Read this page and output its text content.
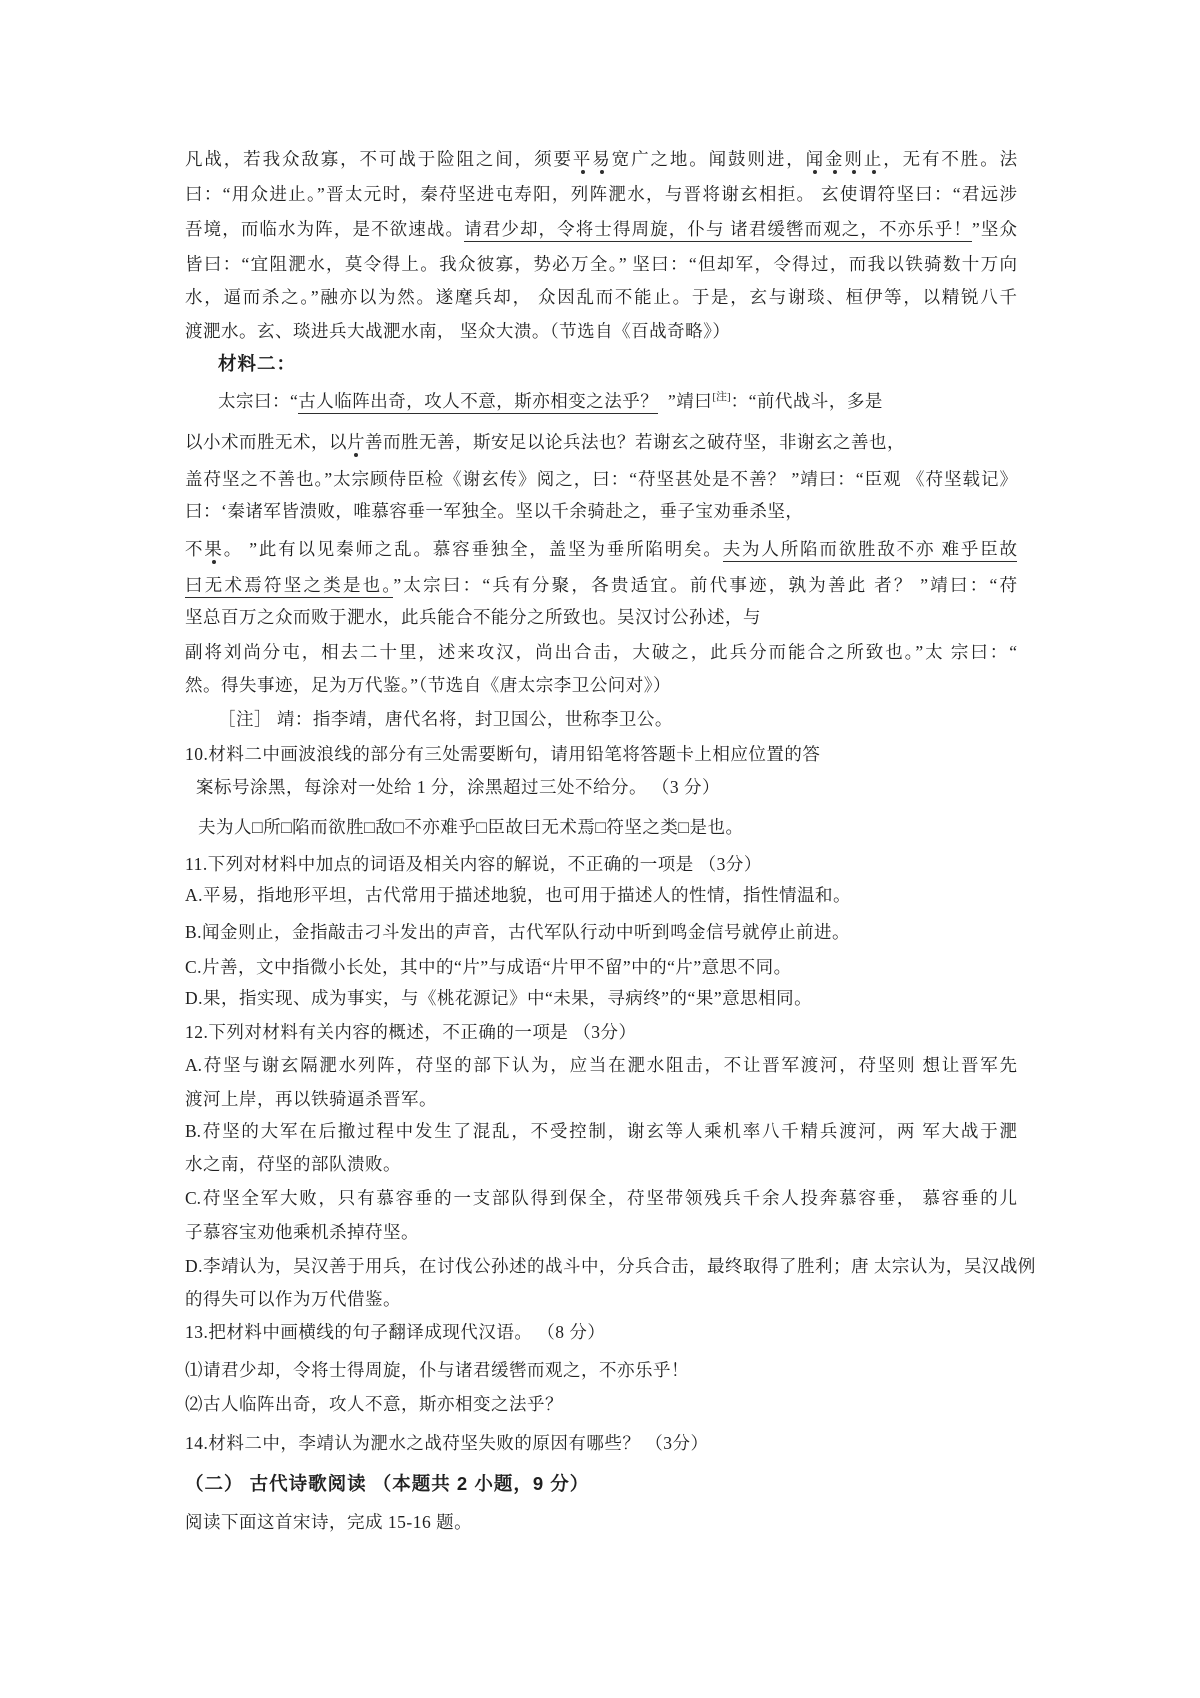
凡战，若我众敌寡，不可战于险阻之间，须要平易宽广之地。闻鼓则进，闻金则止，无有不胜。法
曰：“用众进止。”晋太元时，秦苻坚进屯寿阳，列阵淝水，与晋将谢玄相拒。 玄使谓符坚曰：“君远涉
吾境，而临水为阵，是不欲速战。请君少却，令将士得周旋，仆与 诸君缓辔而观之，不亦乐乎！”坚众
皆曰：“宜阻淝水，莫令得上。我众彼寡，势必万全。” 坚曰：“但却军，令得过，而我以铁骑数十万向
水，逼而杀之。”融亦以为然。遂麾兵却， 众因乱而不能止。于是，玄与谢琰、桓伊等，以精锐八千
渡淝水。玄、琰进兵大战淝水南， 坚众大溃。（节选自《百战奇略》）
材料二：
太宗曰：“古人临阵出奇，攻人不意，斯亦相变之法乎？  ”靖曰[注]：“前代战斗，多是
以小术而胜无术，以片善而胜无善，斯安足以论兵法也？若谢玄之破苻坚，非谢玄之善也，
盖苻坚之不善也。”太宗顾侍臣检《谢玄传》阅之，曰：“苻坚甚处是不善？ ”靖曰：“臣观 《苻坚载记》
曰：‘秦诸军皆溃败，唯慕容垂一军独全。坚以千余骑赴之，垂子宝劝垂杀坚，
不果。 ”此有以见秦师之乱。慕容垂独全，盖坚为垂所陷明矣。夫为人所陷而欲胜敌不亦 难乎臣故
曰无术焉符坚之类是也。”太宗曰：“兵有分聚，各贵适宜。前代事迹，孰为善此 者？ ”靖曰：“苻
坚总百万之众而败于淝水，此兵能合不能分之所致也。吴汉讨公孙述，与
副将刘尚分屯，相去二十里，述来攻汉，尚出合击，大破之，此兵分而能合之所致也。”太 宗曰：“
然。得失事迹，足为万代鉴。”（节选自《唐太宗李卫公问对》）
［注］ 靖：指李靖，唐代名将，封卫国公，世称李卫公。
10.材料二中画波浪线的部分有三处需要断句，请用铅笔将答题卡上相应位置的答
案标号涂黑，每涂对一处给 1 分，涂黑超过三处不给分。 （3 分）
夫为人□所□陷而欲胜□敌□不亦难乎□臣故曰无术焉□符坚之类□是也。
11.下列对材料中加点的词语及相关内容的解说，不正确的一项是 （3分）
A.平易，指地形平坦，古代常用于描述地貌，也可用于描述人的性情，指性情温和。
B.闻金则止，金指敲击刁斗发出的声音，古代军队行动中听到鸣金信号就停止前进。
C.片善，文中指微小长处，其中的“片”与成语“片甲不留”中的“片”意思不同。
D.果，指实现、成为事实，与《桃花源记》中“未果，寻病终”的“果”意思相同。
12.下列对材料有关内容的概述，不正确的一项是 （3分）
A.苻坚与谢玄隔淝水列阵，苻坚的部下认为，应当在淝水阻击，不让晋军渡河，苻坚则 想让晋军先
渡河上岸，再以铁骑逼杀晋军。
B.苻坚的大军在后撤过程中发生了混乱，不受控制，谢玄等人乘机率八千精兵渡河，两 军大战于淝
水之南，苻坚的部队溃败。
C.苻坚全军大败，只有慕容垂的一支部队得到保全，苻坚带领残兵千余人投奔慕容垂， 慕容垂的儿
子慕容宝劝他乘机杀掉苻坚。
D.李靖认为，吴汉善于用兵，在讨伐公孙述的战斗中，分兵合击，最终取得了胜利；唐 太宗认为，吴汉战例
的得失可以作为万代借鉴。
13.把材料中画横线的句子翻译成现代汉语。 （8 分）
⑴请君少却，令将士得周旋，仆与诸君缓辔而观之，不亦乐乎！
⑵古人临阵出奇，攻人不意，斯亦相变之法乎？
14.材料二中，李靖认为淝水之战苻坚失败的原因有哪些？ （3分）
（二） 古代诗歌阅读 （本题共 2 小题，9 分）
阅读下面这首宋诗，完成 15-16 题。
